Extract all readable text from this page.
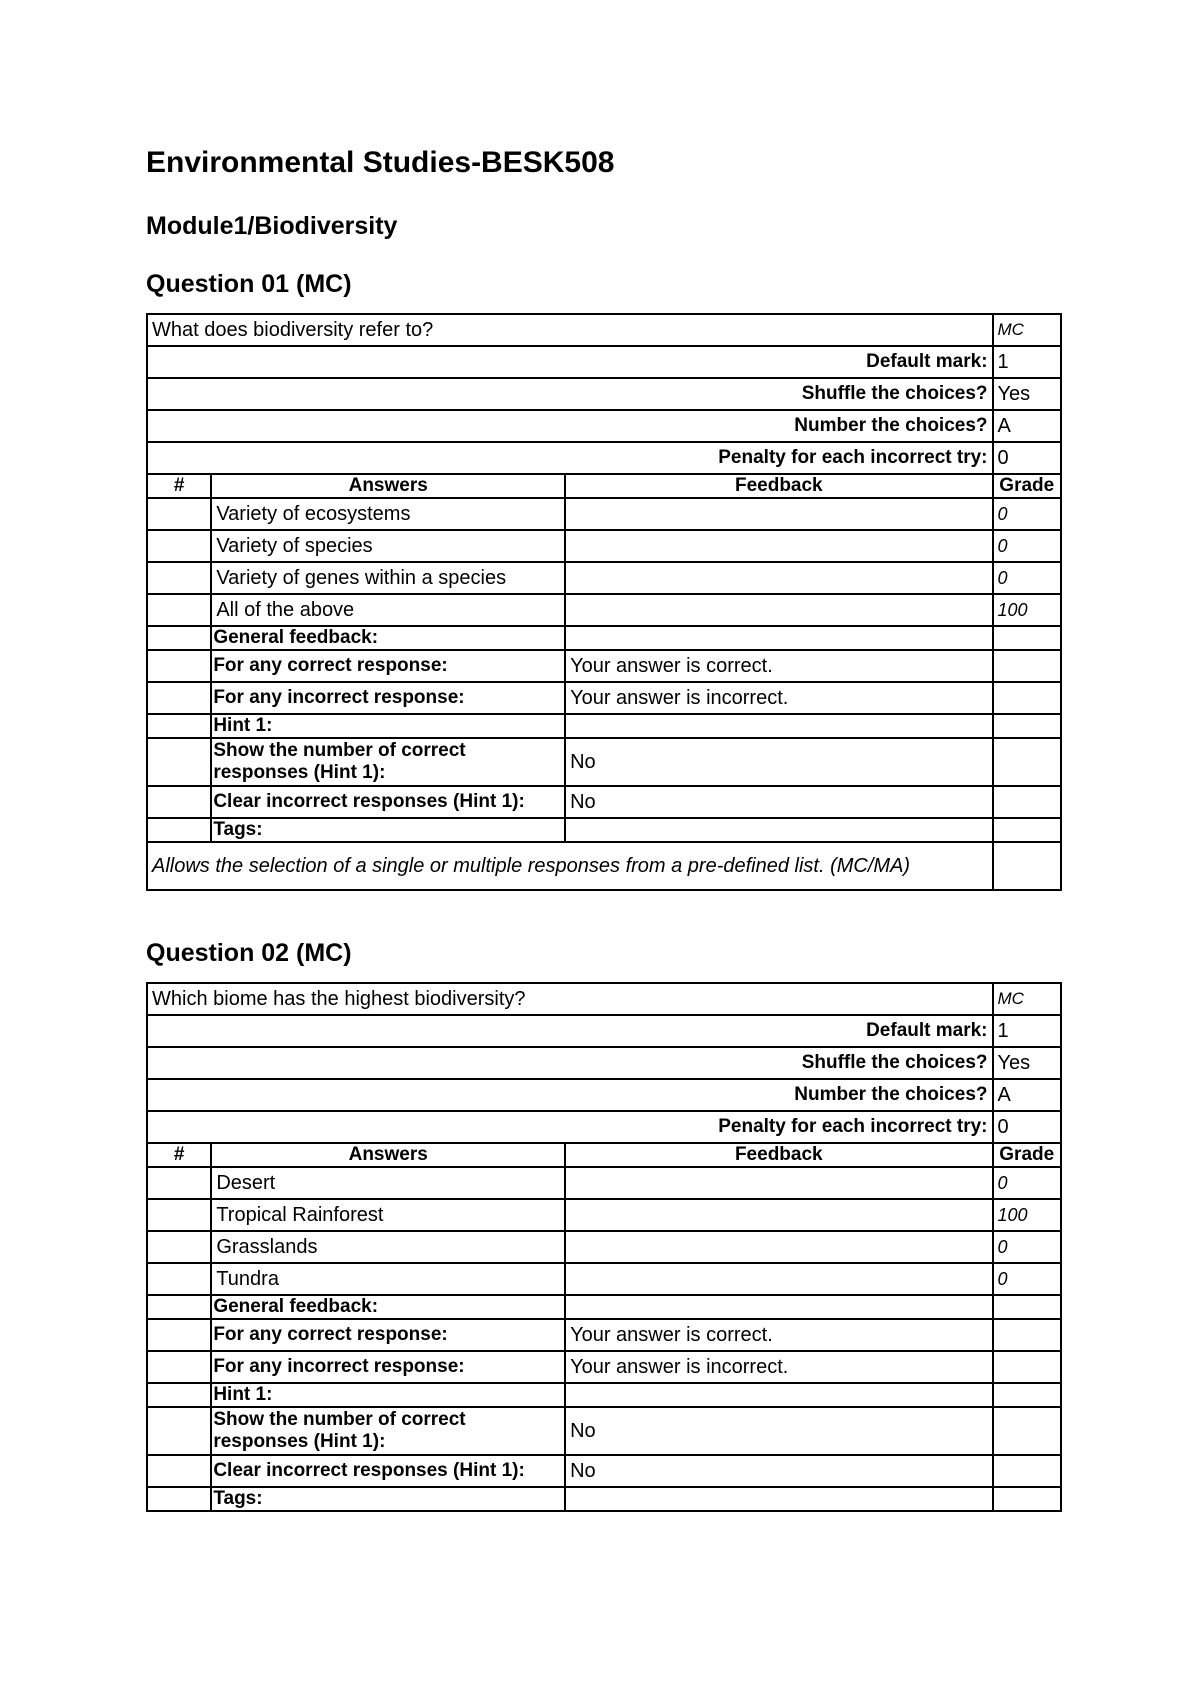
Environmental Studies-BESK508
Module1/Biodiversity
Question 01 (MC)
What does biodiversity refer to?			MC
Default mark:			1
Shuffle the choices?			Yes
Number the choices?			A
Penalty for each incorrect try:			0
#	Answers	Feedback	Grade
	Variety of ecosystems		0
	Variety of species		0
	Variety of genes within a species		0
	All of the above		100
	General feedback:		
	For any correct response:	Your answer is correct.	
	For any incorrect response:	Your answer is incorrect.	
	Hint 1:		
	Show the number of correct responses (Hint 1):	No	
	Clear incorrect responses (Hint 1):	No	
	Tags:		
Allows the selection of a single or multiple responses from a pre-defined list. (MC/MA)			
Question 02 (MC)
Which biome has the highest biodiversity?			MC
Default mark:			1
Shuffle the choices?			Yes
Number the choices?			A
Penalty for each incorrect try:			0
#	Answers	Feedback	Grade
	Desert		0
	Tropical Rainforest		100
	Grasslands		0
	Tundra		0
	General feedback:		
	For any correct response:	Your answer is correct.	
	For any incorrect response:	Your answer is incorrect.	
	Hint 1:		
	Show the number of correct responses (Hint 1):	No	
	Clear incorrect responses (Hint 1):	No	
	Tags:		
